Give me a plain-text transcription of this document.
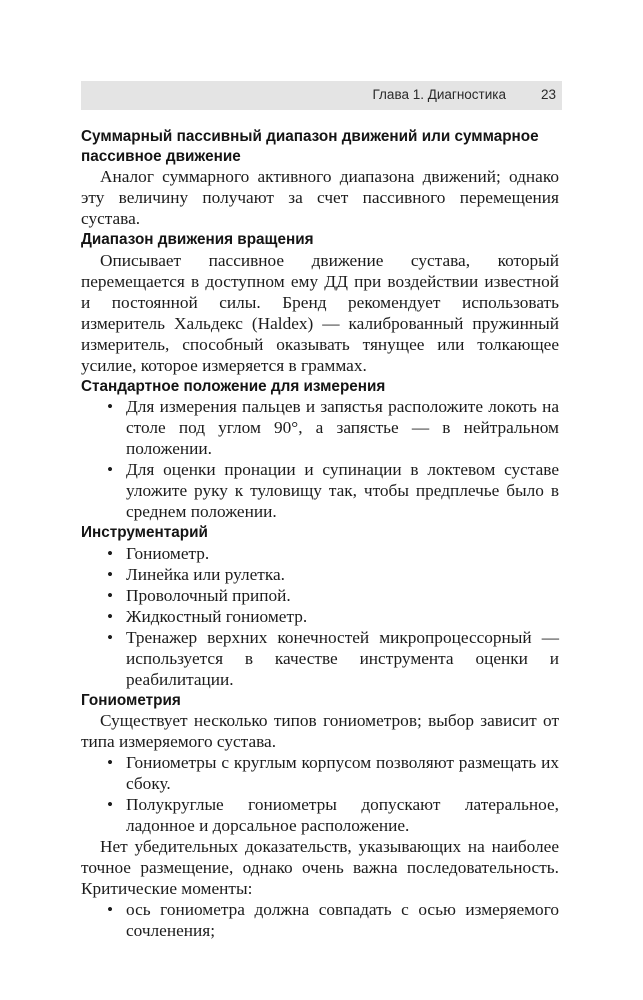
Глава 1. Диагностика	23
Суммарный пассивный диапазон движений или суммарное пассивное движение

Аналог суммарного активного диапазона движений; однако эту величину получают за счет пассивного перемещения сустава.

Диапазон движения вращения

Описывает пассивное движение сустава, который перемещается в доступном ему ДД при воздействии известной и постоянной силы. Бренд рекомендует использовать измеритель Хальдекс (Haldex) — калиброванный пружинный измеритель, способный оказывать тянущее или толкающее усилие, которое измеряется в граммах.

Стандартное положение для измерения
• Для измерения пальцев и запястья расположите локоть на столе под углом 90°, а запястье — в нейтральном положении.
• Для оценки пронации и супинации в локтевом суставе уложите руку к туловищу так, чтобы предплечье было в среднем положении.
Инструментарий
• Гониометр.
• Линейка или рулетка.
• Проволочный припой.
• Жидкостный гониометр.
• Тренажер верхних конечностей микропроцессорный — используется в качестве инструмента оценки и реабилитации.
Гониометрия

Существует несколько типов гониометров; выбор зависит от типа измеряемого сустава.

• Гониометры с круглым корпусом позволяют размещать их сбоку.
• Полукруглые гониометры допускают латеральное, ладонное и дорсальное расположение.

Нет убедительных доказательств, указывающих на наиболее точное размещение, однако очень важна последовательность. Критические моменты:

• ось гониометра должна совпадать с осью измеряемого сочленения;
